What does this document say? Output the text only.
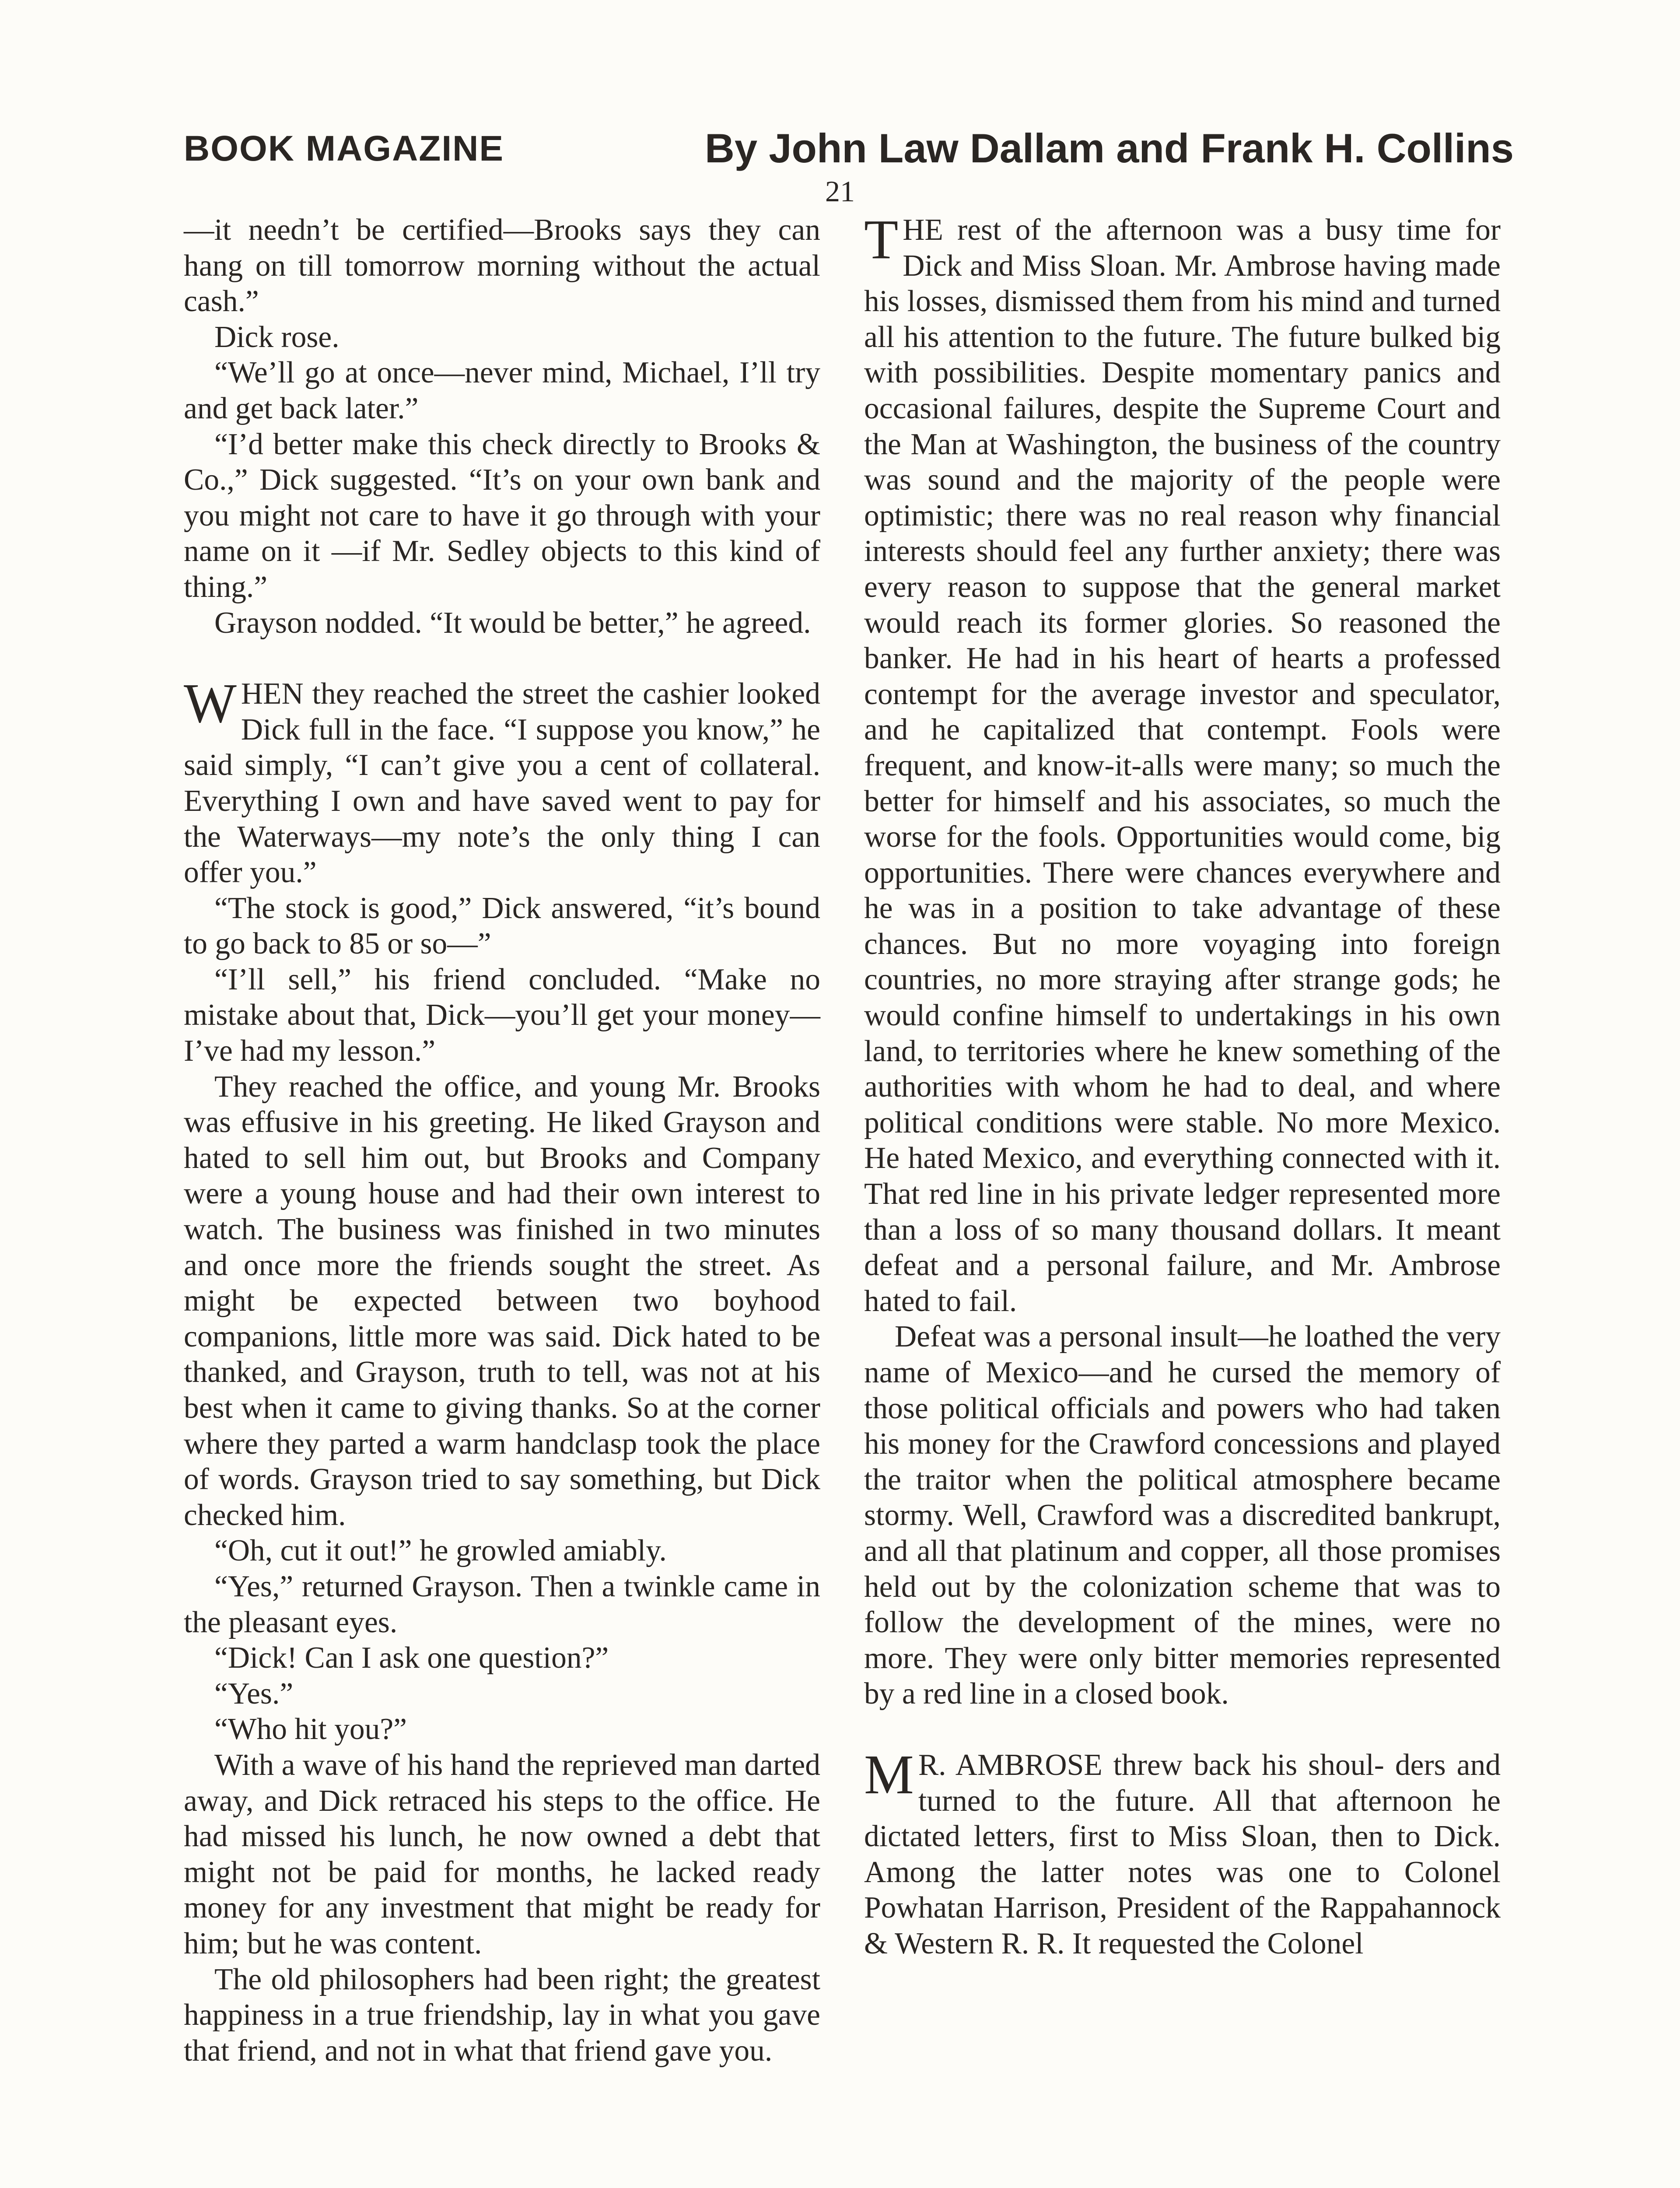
BOOK MAGAZINE	By John Law Dallam and Frank H. Collins
21

—it needn’t be certified—Brooks says they can hang on till tomorrow morning without the actual cash.”

Dick rose.

“We’ll go at once—never mind, Michael, I’ll try and get back later.”

“I’d better make this check directly to Brooks & Co.,” Dick suggested. “It’s on your own bank and you might not care to have it go through with your name on it —if Mr. Sedley objects to this kind of thing.”

Grayson nodded. “It would be better,” he agreed.

WHEN they reached the street the cashier looked Dick full in the face. “I suppose you know,” he said simply, “I can’t give you a cent of collateral. Everything I own and have saved went to pay for the Waterways—my note’s the only thing I can offer you.”

“The stock is good,” Dick answered, “it’s bound to go back to 85 or so—”

“I’ll sell,” his friend concluded. “Make no mistake about that, Dick—you’ll get your money—I’ve had my lesson.”

They reached the office, and young Mr. Brooks was effusive in his greeting. He liked Grayson and hated to sell him out, but Brooks and Company were a young house and had their own interest to watch. The business was finished in two minutes and once more the friends sought the street. As might be expected between two boyhood companions, little more was said. Dick hated to be thanked, and Grayson, truth to tell, was not at his best when it came to giving thanks. So at the corner where they parted a warm handclasp took the place of words. Grayson tried to say something, but Dick checked him.

“Oh, cut it out!” he growled amiably.

“Yes,” returned Grayson. Then a twinkle came in the pleasant eyes.

“Dick! Can I ask one question?”

“Yes.”

“Who hit you?”

With a wave of his hand the reprieved man darted away, and Dick retraced his steps to the office. He had missed his lunch, he now owned a debt that might not be paid for months, he lacked ready money for any investment that might be ready for him; but he was content.

The old philosophers had been right; the greatest happiness in a true friendship, lay in what you gave that friend, and not in what that friend gave you.

THE rest of the afternoon was a busy time for Dick and Miss Sloan. Mr. Ambrose having made his losses, dismissed them from his mind and turned all his attention to the future. The future bulked big with possibilities. Despite momentary panics and occasional failures, despite the Supreme Court and the Man at Washington, the business of the country was sound and the majority of the people were optimistic; there was no real reason why financial interests should feel any further anxiety; there was every reason to suppose that the general market would reach its former glories. So reasoned the banker. He had in his heart of hearts a professed contempt for the average investor and speculator, and he capitalized that contempt. Fools were frequent, and know-it-alls were many; so much the better for himself and his associates, so much the worse for the fools. Opportunities would come, big opportunities. There were chances everywhere and he was in a position to take advantage of these chances. But no more voyaging into foreign countries, no more straying after strange gods; he would confine himself to undertakings in his own land, to territories where he knew something of the authorities with whom he had to deal, and where political conditions were stable. No more Mexico. He hated Mexico, and everything connected with it. That red line in his private ledger represented more than a loss of so many thousand dollars. It meant defeat and a personal failure, and Mr. Ambrose hated to fail.

Defeat was a personal insult—he loathed the very name of Mexico—and he cursed the memory of those political officials and powers who had taken his money for the Crawford concessions and played the traitor when the political atmosphere became stormy. Well, Crawford was a discredited bankrupt, and all that platinum and copper, all those promises held out by the colonization scheme that was to follow the development of the mines, were no more. They were only bitter memories represented by a red line in a closed book.

M R. AMBROSE threw back his shoul- ders and turned to the future. All that afternoon he dictated letters, first to Miss Sloan, then to Dick. Among the latter notes was one to Colonel Powhatan Harrison, President of the Rappahannock & Western R. R. It requested the Colonel
